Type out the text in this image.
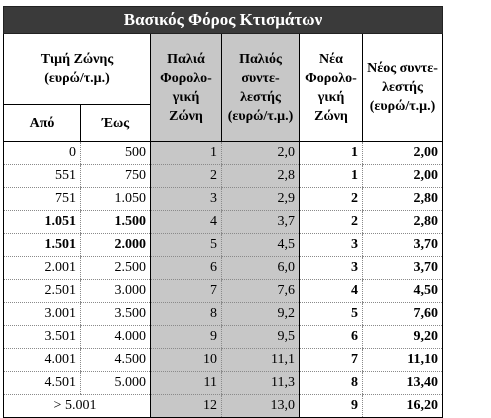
Βασικός Φόρος Κτισμάτων					
Τιμή Ζώνης
(ευρώ/τ.μ.)		Παλιά
Φορολο-
γική
Ζώνη	Παλιός
συντε-
λεστής
(ευρώ/τ.μ.)	Νέα
Φορολο-
γική
Ζώνη	Νέος συντε-
λεστής
(ευρώ/τ.μ.)
Από	Έως				
0	500	1	2,0	1	2,00
551	750	2	2,8	1	2,00
751	1.050	3	2,9	2	2,80
1.051	1.500	4	3,7	2	2,80
1.501	2.000	5	4,5	3	3,70
2.001	2.500	6	6,0	3	3,70
2.501	3.000	7	7,6	4	4,50
3.001	3.500	8	9,2	5	7,60
3.501	4.000	9	9,5	6	9,20
4.001	4.500	10	11,1	7	11,10
4.501	5.000	11	11,3	8	13,40
> 5.001		12	13,0	9	16,20
